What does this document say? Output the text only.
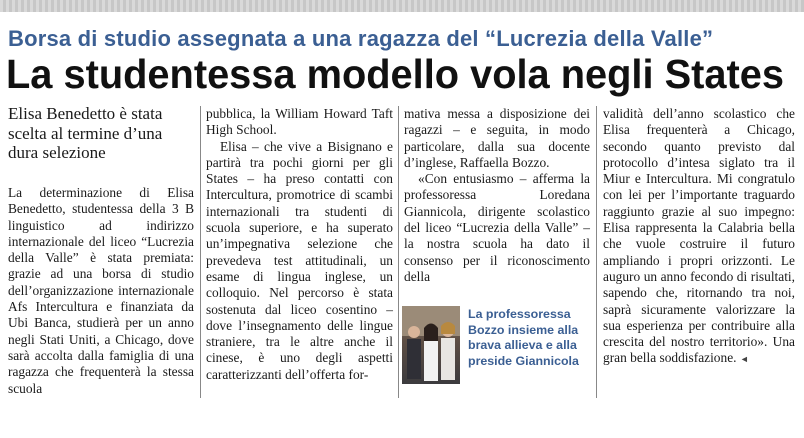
Borsa di studio assegnata a una ragazza del “Lucrezia della Valle”
La studentessa modello vola negli States
Elisa Benedetto è stata scelta al termine d’una dura selezione

La determinazione di Elisa Benedetto, studentessa della 3 B linguistico ad indirizzo internazionale del liceo “Lucrezia della Valle” è stata premiata: grazie ad una borsa di studio dell’organizzazione internazionale Afs Intercultura e finanziata da Ubi Banca, studierà per un anno negli Stati Uniti, a Chicago, dove sarà accolta dalla famiglia di una ragazza che frequenterà la stessa scuola

pubblica, la William Howard Taft High School.

Elisa – che vive a Bisignano e partirà tra pochi giorni per gli States – ha preso contatti con Intercultura, promotrice di scambi internazionali tra studenti di scuola superiore, e ha superato un’impegnativa selezione che prevedeva test attitudinali, un esame di lingua inglese, un colloquio. Nel percorso è stata sostenuta dal liceo cosentino – dove l’insegnamento delle lingue straniere, tra le altre anche il cinese, è uno degli aspetti caratterizzanti dell’offerta for-

mativa messa a disposizione dei ragazzi – e seguita, in modo particolare, dalla sua docente d’inglese, Raffaella Bozzo.

«Con entusiasmo – afferma la professoressa Loredana Giannicola, dirigente scolastico del liceo “Lucrezia della Valle” – la nostra scuola ha dato il consenso per il riconoscimento della

La professoressa Bozzo insieme alla brava allieva e alla preside Giannicola

validità dell’anno scolastico che Elisa frequenterà a Chicago, secondo quanto previsto dal protocollo d’intesa siglato tra il Miur e Intercultura. Mi congratulo con lei per l’importante traguardo raggiunto grazie al suo impegno: Elisa rappresenta la Calabria bella che vuole costruire il futuro ampliando i propri orizzonti. Le auguro un anno fecondo di risultati, sapendo che, ritornando tra noi, saprà sicuramente valorizzare la sua esperienza per contribuire alla crescita del nostro territorio». Una gran bella soddisfazione. ◄
